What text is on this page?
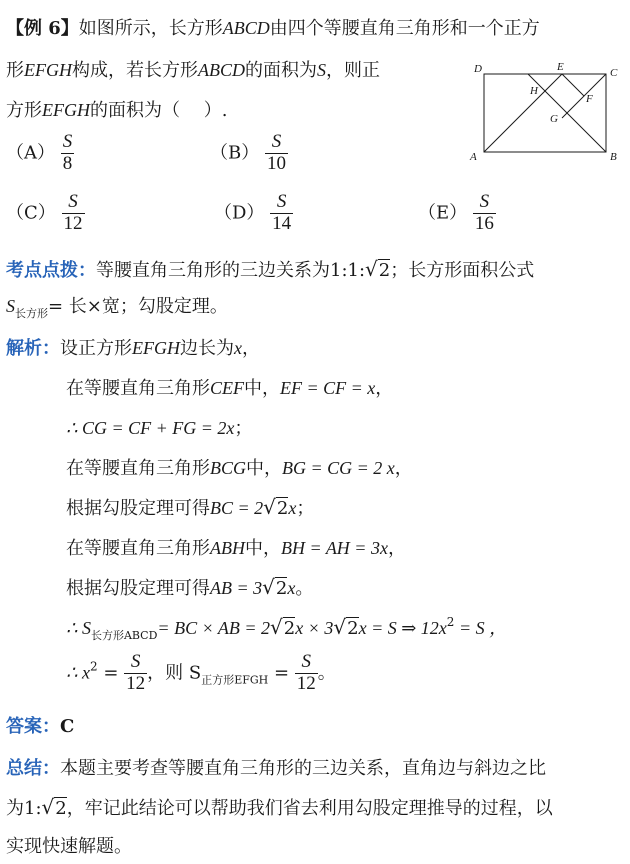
【例 6】如图所示，长方形ABCD由四个等腰直角三角形和一个正方
形EFGH构成，若长方形ABCD的面积为S，则正
方形EFGH的面积为（　 ）.
A	B
C
D	E
F
G
H
$(A) \frac{S}{8}$	$(B) \frac{S}{10}$
$(C) \frac{S}{12}$	$(D) \frac{S}{14}$	$(E) \frac{S}{16}$
考点点拨：等腰直角三角形的三边关系为1:1:√2；长方形面积公式
$S_{长方形}=$ 长×宽；勾股定理。
解析：设正方形EFGH边长为x，
在等腰直角三角形CEF中，EF = CF = x，
∴ CG = CF + FG = 2x；
在等腰直角三角形BCG中，BG = CG = 2 x，
根据勾股定理可得BC = 2√2x；
在等腰直角三角形ABH中，BH = AH = 3x，
根据勾股定理可得AB = 3√2x。
∴ $S_{长方形ABCD}=$ BC × AB = 2√2x × 3√2x = S ⇒ $12x^2 = S$ ，
∴ $x^2 = \frac{S}{12}$ ，则 $S_{正方形EFGH} = \frac{S}{12}$ 。
答案：C
总结：本题主要考查等腰直角三角形的三边关系，直角边与斜边之比
为1:√2，牢记此结论可以帮助我们省去利用勾股定理推导的过程，以
实现快速解题。
